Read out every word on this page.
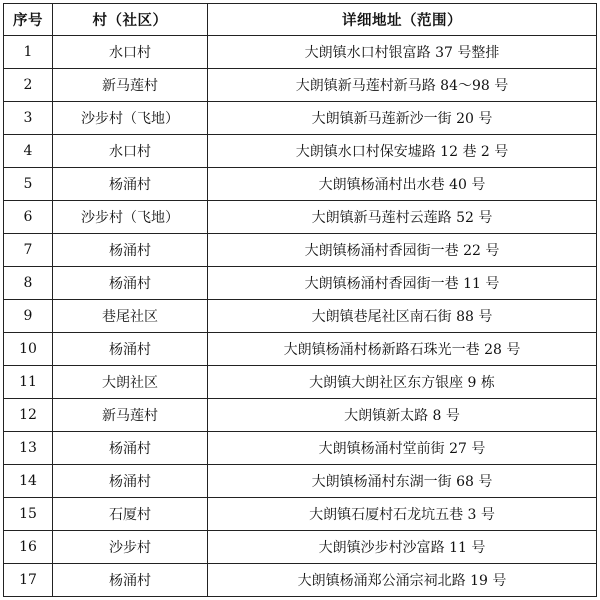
序号	村（社区）	详细地址（范围）
1	水口村	大朗镇水口村银富路 37 号整排
2	新马莲村	大朗镇新马莲村新马路 84～98 号
3	沙步村（飞地）	大朗镇新马莲新沙一街 20 号
4	水口村	大朗镇水口村保安墟路 12 巷 2 号
5	杨涌村	大朗镇杨涌村出水巷 40 号
6	沙步村（飞地）	大朗镇新马莲村云莲路 52 号
7	杨涌村	大朗镇杨涌村香园街一巷 22 号
8	杨涌村	大朗镇杨涌村香园街一巷 11 号
9	巷尾社区	大朗镇巷尾社区南石街 88 号
10	杨涌村	大朗镇杨涌村杨新路石珠光一巷 28 号
11	大朗社区	大朗镇大朗社区东方银座 9 栋
12	新马莲村	大朗镇新太路 8 号
13	杨涌村	大朗镇杨涌村堂前街 27 号
14	杨涌村	大朗镇杨涌村东湖一街 68 号
15	石厦村	大朗镇石厦村石龙坑五巷 3 号
16	沙步村	大朗镇沙步村沙富路 11 号
17	杨涌村	大朗镇杨涌郑公涌宗祠北路 19 号
